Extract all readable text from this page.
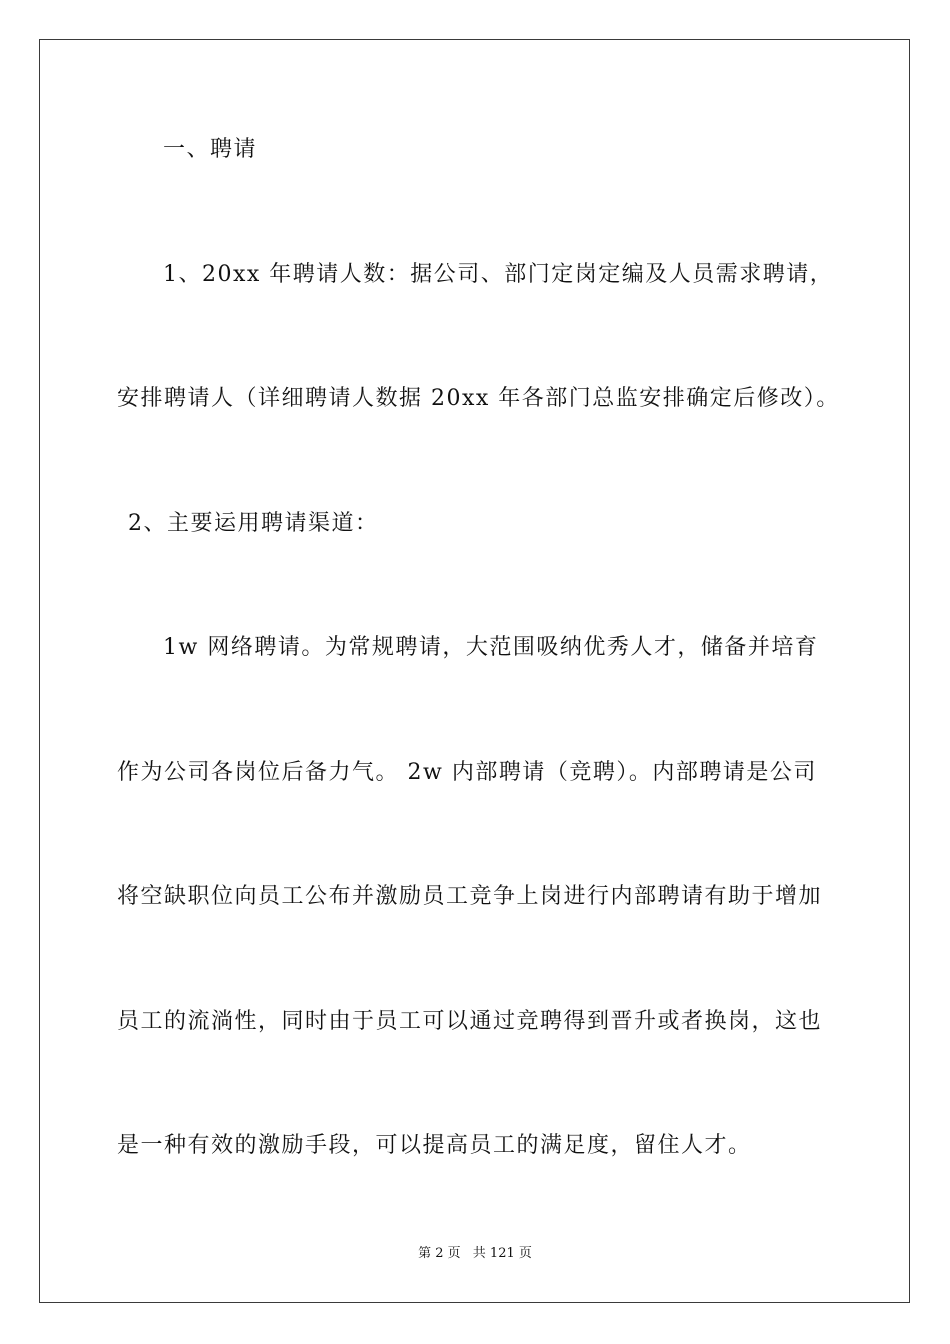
一、聘请
1、20xx 年聘请人数：据公司、部门定岗定编及人员需求聘请，
安排聘请人（详细聘请人数据 20xx 年各部门总监安排确定后修改）。
2、主要运用聘请渠道：
1w 网络聘请。为常规聘请，大范围吸纳优秀人才，储备并培育
作为公司各岗位后备力气。 2w 内部聘请（竞聘）。内部聘请是公司
将空缺职位向员工公布并激励员工竞争上岗进行内部聘请有助于增加
员工的流淌性，同时由于员工可以通过竞聘得到晋升或者换岗，这也
是一种有效的激励手段，可以提高员工的满足度，留住人才。
第 2 页 共 121 页
